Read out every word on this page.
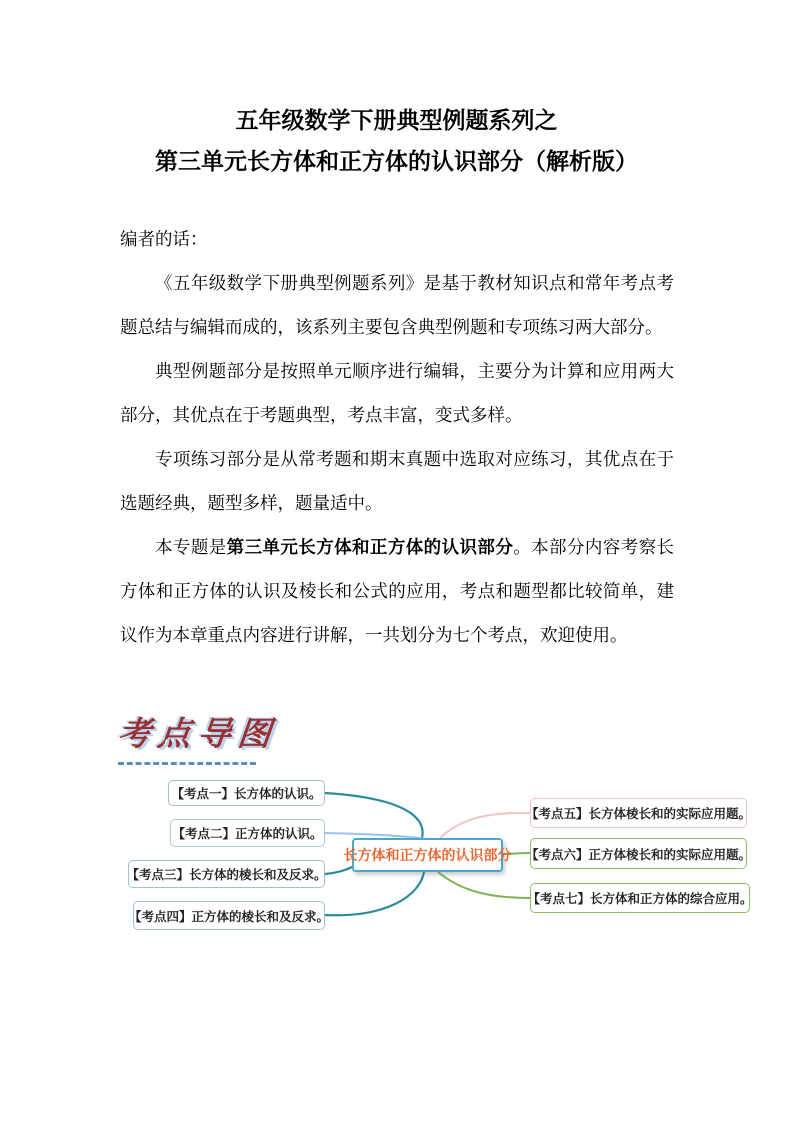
五年级数学下册典型例题系列之
第三单元长方体和正方体的认识部分（解析版）

编者的话：

《五年级数学下册典型例题系列》是基于教材知识点和常年考点考题总结与编辑而成的，该系列主要包含典型例题和专项练习两大部分。

典型例题部分是按照单元顺序进行编辑，主要分为计算和应用两大部分，其优点在于考题典型，考点丰富，变式多样。

专项练习部分是从常考题和期末真题中选取对应练习，其优点在于选题经典，题型多样，题量适中。

本专题是第三单元长方体和正方体的认识部分。本部分内容考察长方体和正方体的认识及棱长和公式的应用，考点和题型都比较简单，建议作为本章重点内容进行讲解，一共划分为七个考点，欢迎使用。

考点导图
长方体和正方体的认识部分
【考点一】长方体的认识。
【考点二】正方体的认识。
【考点三】长方体的棱长和及反求。
【考点四】正方体的棱长和及反求。
【考点五】长方体棱长和的实际应用题。
【考点六】正方体棱长和的实际应用题。
【考点七】长方体和正方体的综合应用。
